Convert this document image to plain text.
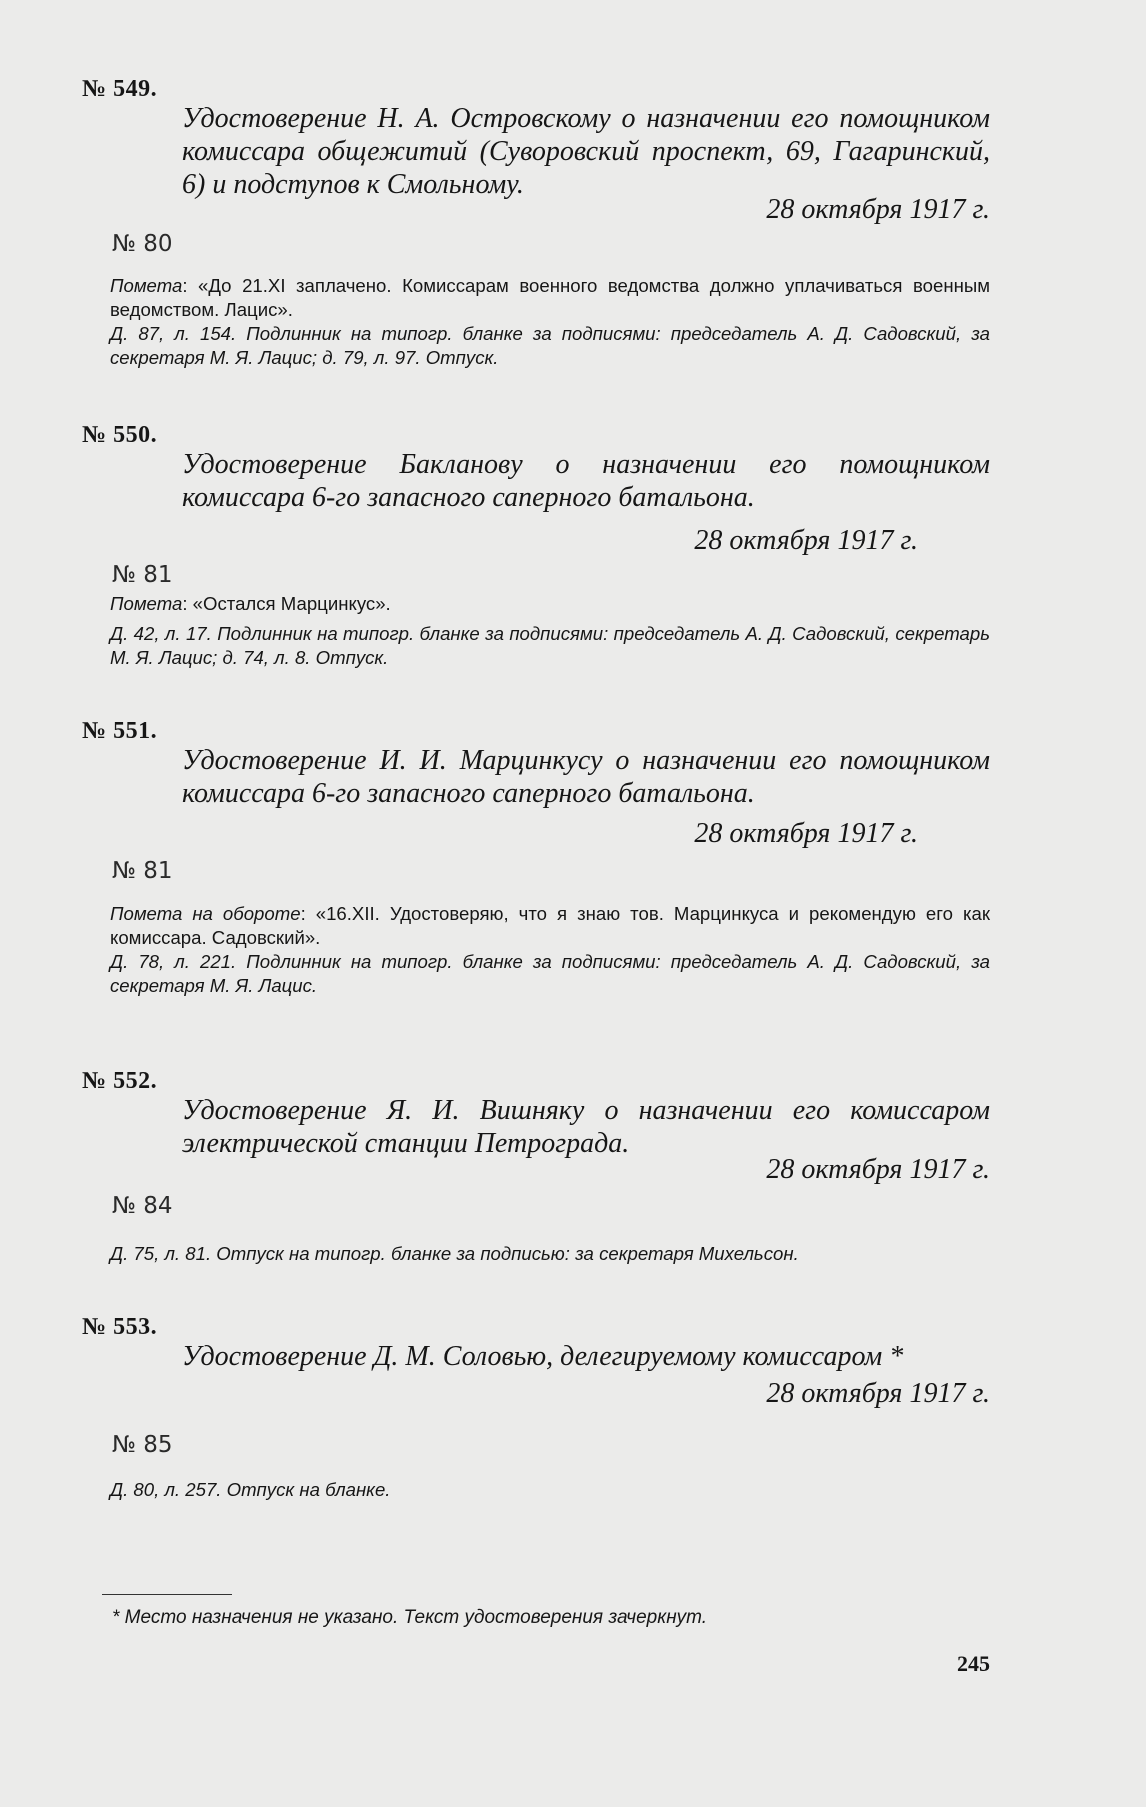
№ 549.
Удостоверение Н. А. Островскому о назначении его помощником комиссара общежитий (Суворовский проспект, 69, Гагаринский, 6) и подступов к Смольному.
28 октября 1917 г.
№ 80
Помета: «До 21.XI заплачено. Комиссарам военного ведомства должно уплачиваться военным ведомством. Лацис».
Д. 87, л. 154. Подлинник на типогр. бланке за подписями: председатель А. Д. Садовский, за секретаря М. Я. Лацис; д. 79, л. 97. Отпуск.
№ 550.
Удостоверение Бакланову о назначении его помощником комиссара 6-го запасного саперного батальона.
28 октября 1917 г.
№ 81
Помета: «Остался Марцинкус».
Д. 42, л. 17. Подлинник на типогр. бланке за подписями: председатель А. Д. Садовский, секретарь М. Я. Лацис; д. 74, л. 8. Отпуск.
№ 551.
Удостоверение И. И. Марцинкусу о назначении его помощником комиссара 6-го запасного саперного батальона.
28 октября 1917 г.
№ 81
Помета на обороте: «16.XII. Удостоверяю, что я знаю тов. Марцинкуса и рекомендую его как комиссара. Садовский».
Д. 78, л. 221. Подлинник на типогр. бланке за подписями: председатель А. Д. Садовский, за секретаря М. Я. Лацис.
№ 552.
Удостоверение Я. И. Вишняку о назначении его комиссаром электрической станции Петрограда.
28 октября 1917 г.
№ 84
Д. 75, л. 81. Отпуск на типогр. бланке за подписью: за секретаря Михельсон.
№ 553.
Удостоверение Д. М. Соловью, делегируемому комиссаром *
28 октября 1917 г.
№ 85
Д. 80, л. 257. Отпуск на бланке.
* Место назначения не указано. Текст удостоверения зачеркнут.
245
